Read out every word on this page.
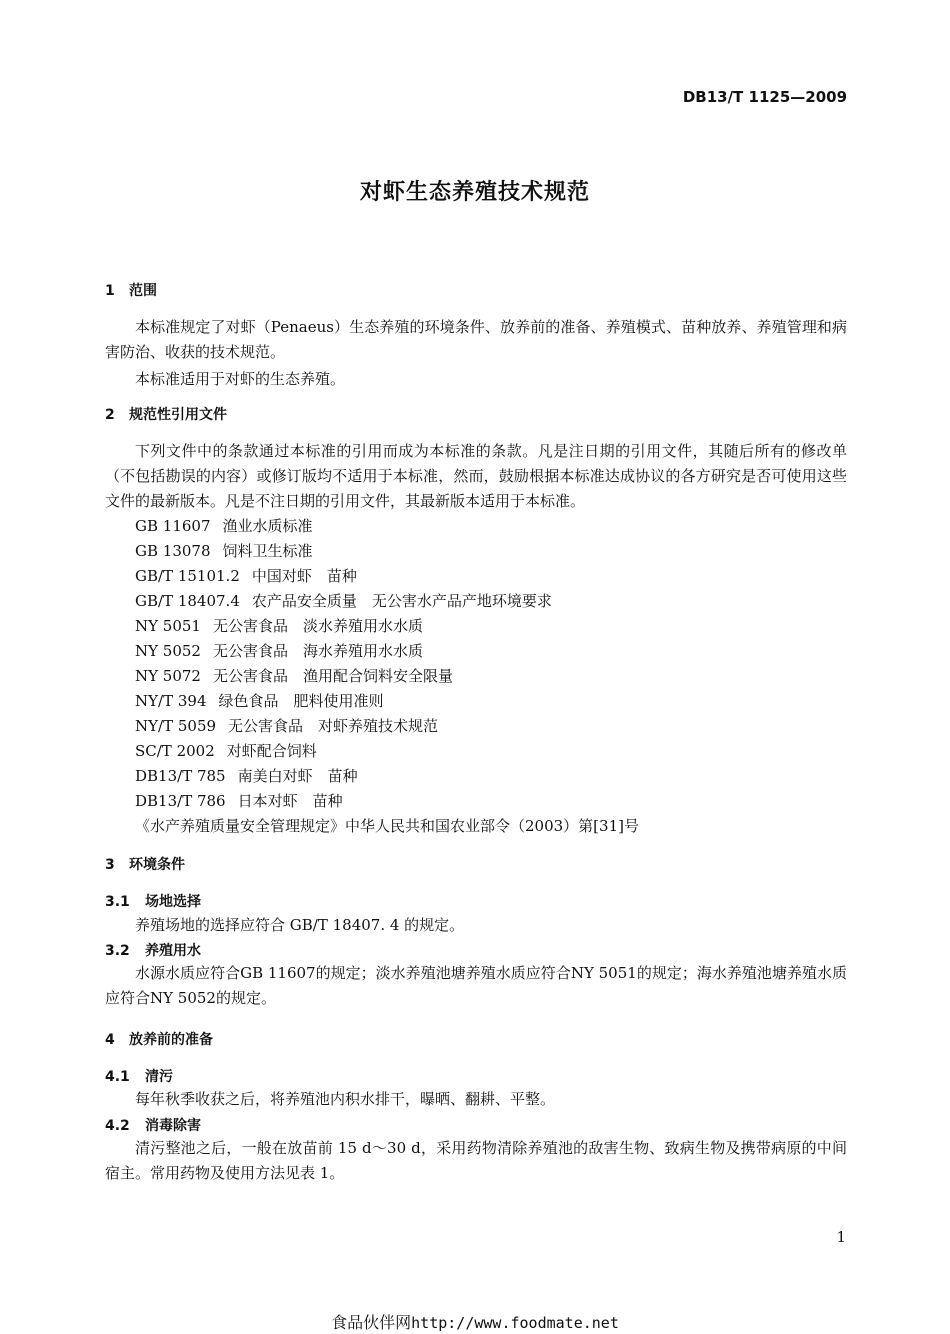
DB13/T 1125—2009
对虾生态养殖技术规范
1 范围
本标准规定了对虾（Penaeus）生态养殖的环境条件、放养前的准备、养殖模式、苗种放养、养殖管理和病害防治、收获的技术规范。
本标准适用于对虾的生态养殖。
2 规范性引用文件
下列文件中的条款通过本标准的引用而成为本标准的条款。凡是注日期的引用文件，其随后所有的修改单（不包括勘误的内容）或修订版均不适用于本标准，然而，鼓励根据本标准达成协议的各方研究是否可使用这些文件的最新版本。凡是不注日期的引用文件，其最新版本适用于本标准。
GB 11607 渔业水质标准
GB 13078 饲料卫生标准
GB/T 15101.2 中国对虾　苗种
GB/T 18407.4 农产品安全质量　无公害水产品产地环境要求
NY 5051 无公害食品　淡水养殖用水水质
NY 5052 无公害食品　海水养殖用水水质
NY 5072 无公害食品　渔用配合饲料安全限量
NY/T 394 绿色食品　肥料使用准则
NY/T 5059 无公害食品　对虾养殖技术规范
SC/T 2002 对虾配合饲料
DB13/T 785 南美白对虾　苗种
DB13/T 786 日本对虾　苗种
《水产养殖质量安全管理规定》中华人民共和国农业部令（2003）第[31]号
3 环境条件
3.1 场地选择
养殖场地的选择应符合 GB/T 18407. 4 的规定。
3.2 养殖用水
水源水质应符合GB 11607的规定；淡水养殖池塘养殖水质应符合NY 5051的规定；海水养殖池塘养殖水质应符合NY 5052的规定。
4 放养前的准备
4.1 清污
每年秋季收获之后，将养殖池内积水排干，曝晒、翻耕、平整。
4.2 消毒除害
清污整池之后，一般在放苗前 15 d～30 d，采用药物清除养殖池的敌害生物、致病生物及携带病原的中间宿主。常用药物及使用方法见表 1。
1
食品伙伴网http://www.foodmate.net
